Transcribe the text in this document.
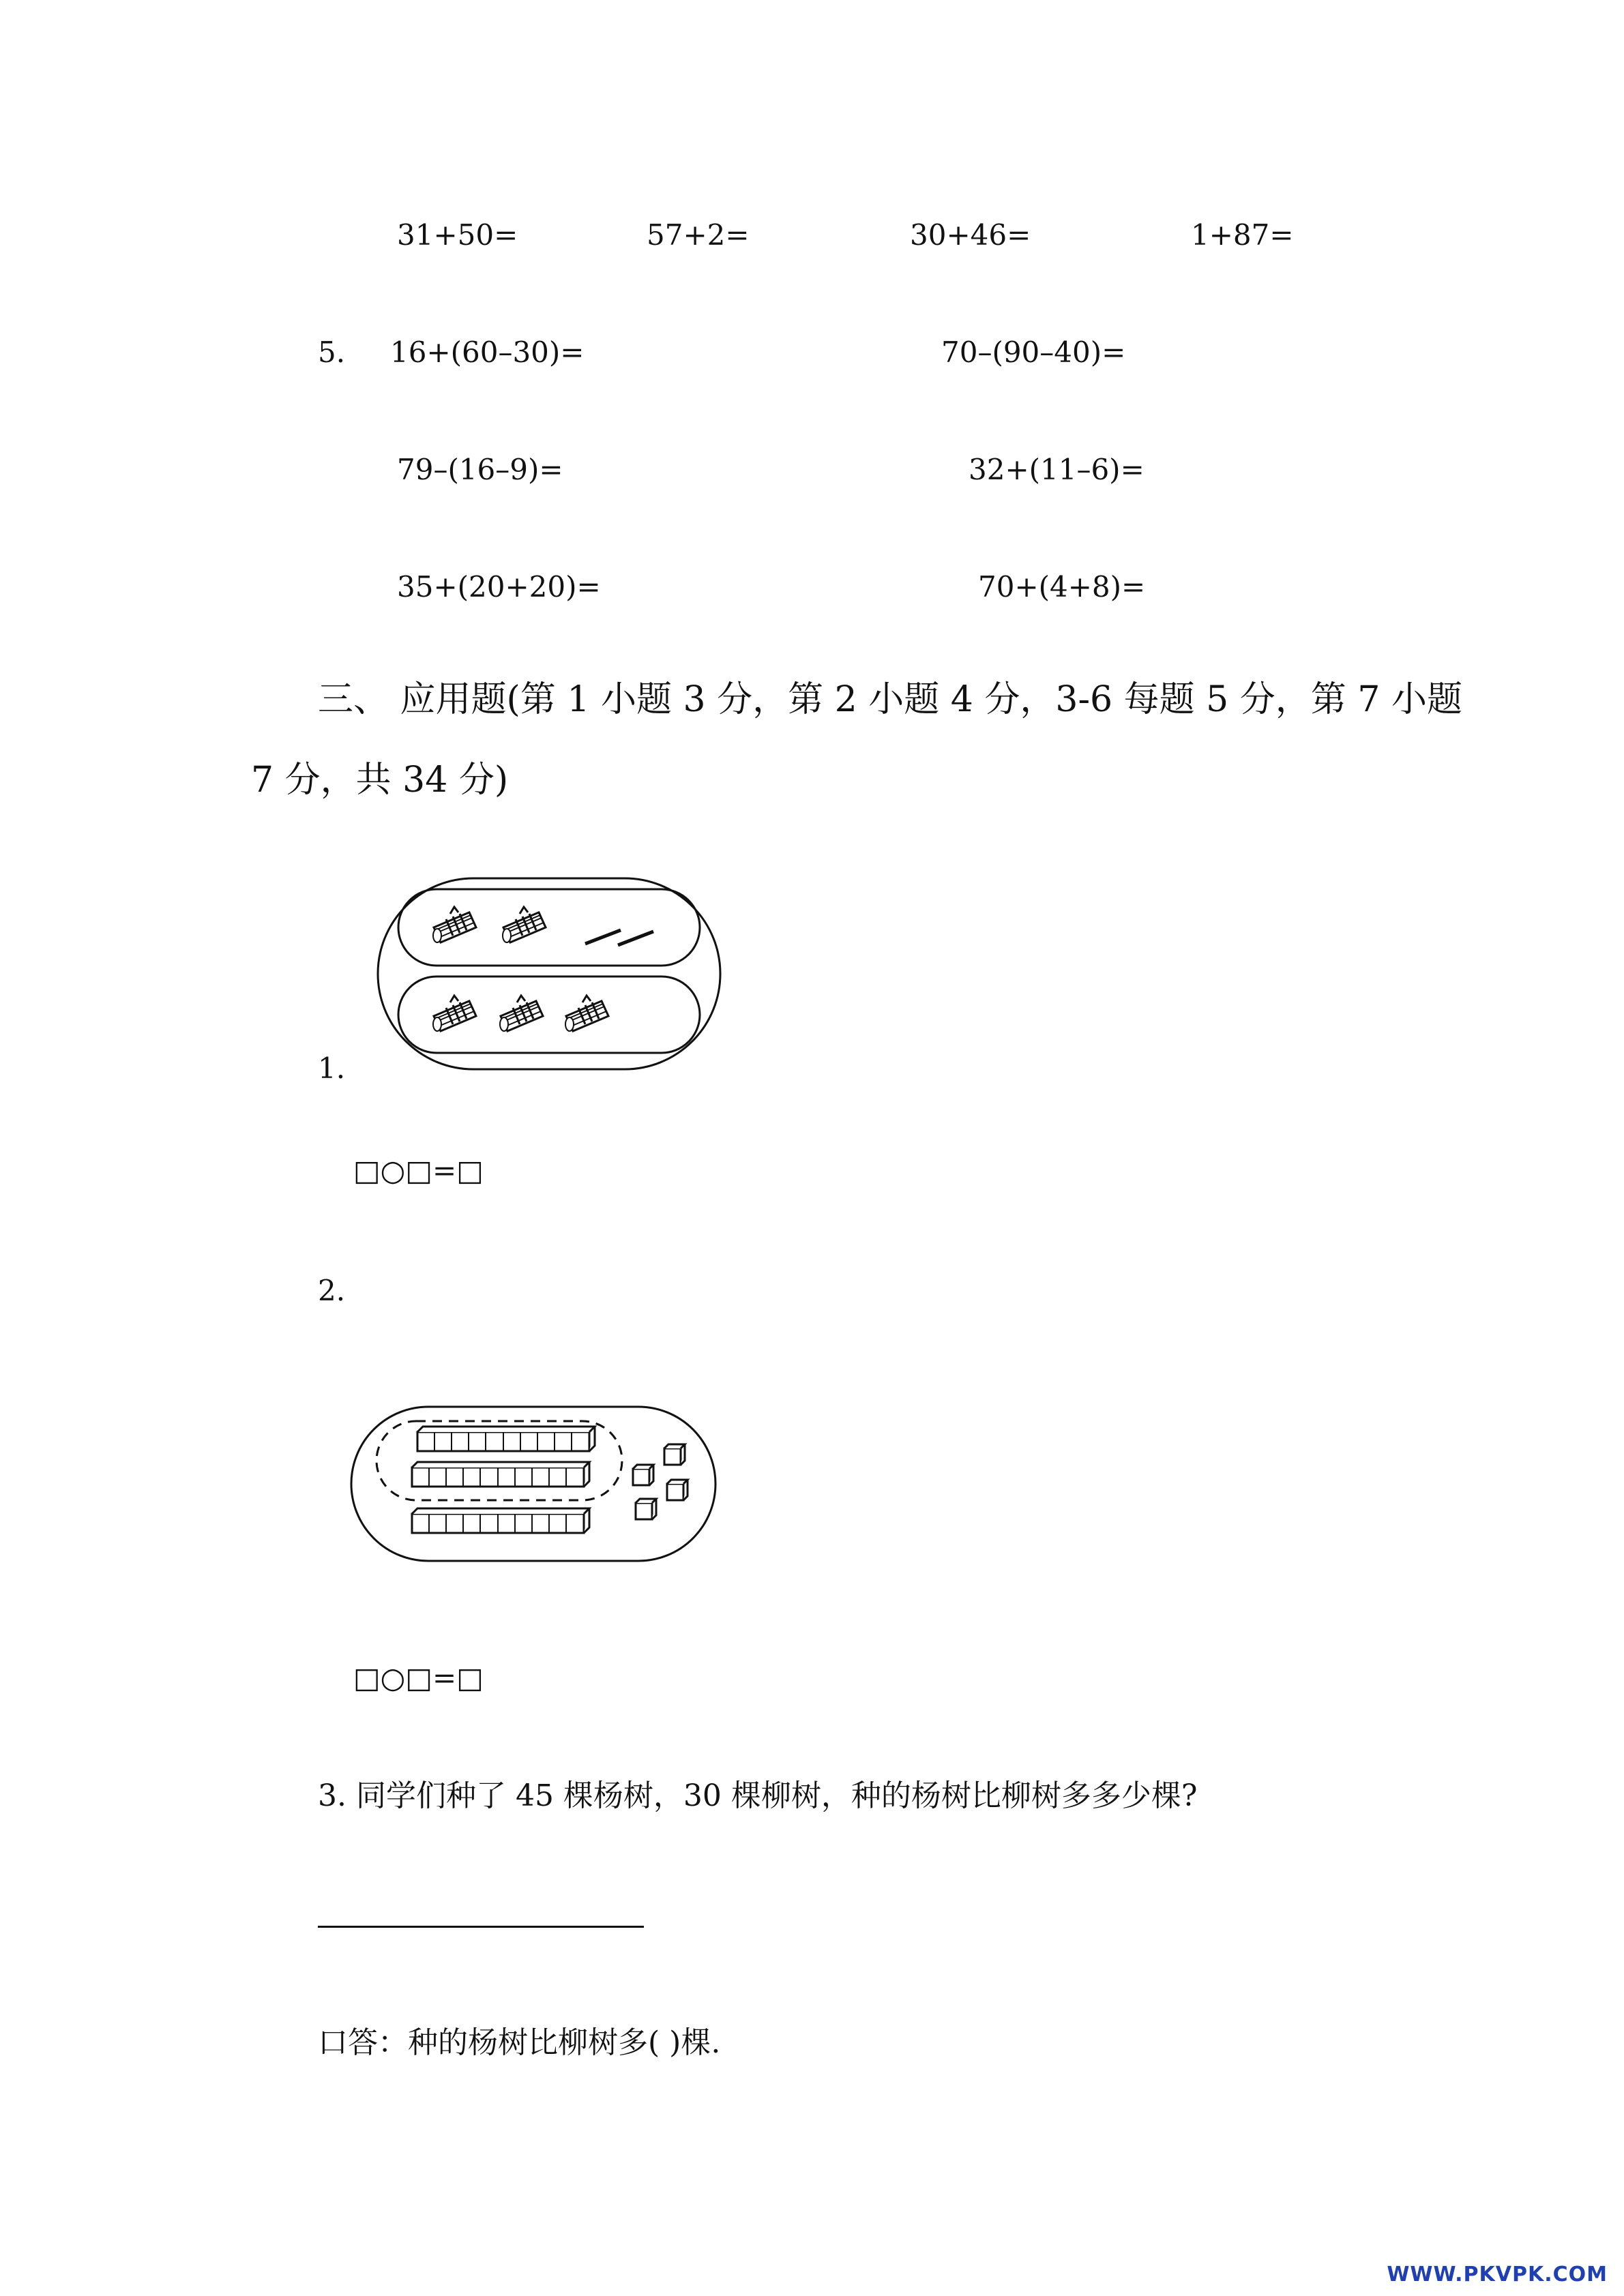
31+50=	57+2=	30+46=	1+87=
5. 16+(60–30)=	70–(90–40)=
79–(16–9)=	32+(11–6)=
35+(20+20)=	70+(4+8)=
三、 应用题(第 1 小题 3 分，第 2 小题 4 分，3-6 每题 5 分，第 7 小题
7 分，共 34 分)
1.
□○□=□
2.
□○□=□
3. 同学们种了 45 棵杨树，30 棵柳树，种的杨树比柳树多多少棵?
口答：种的杨树比柳树多( )棵.
WWW.PKVPK.COM
